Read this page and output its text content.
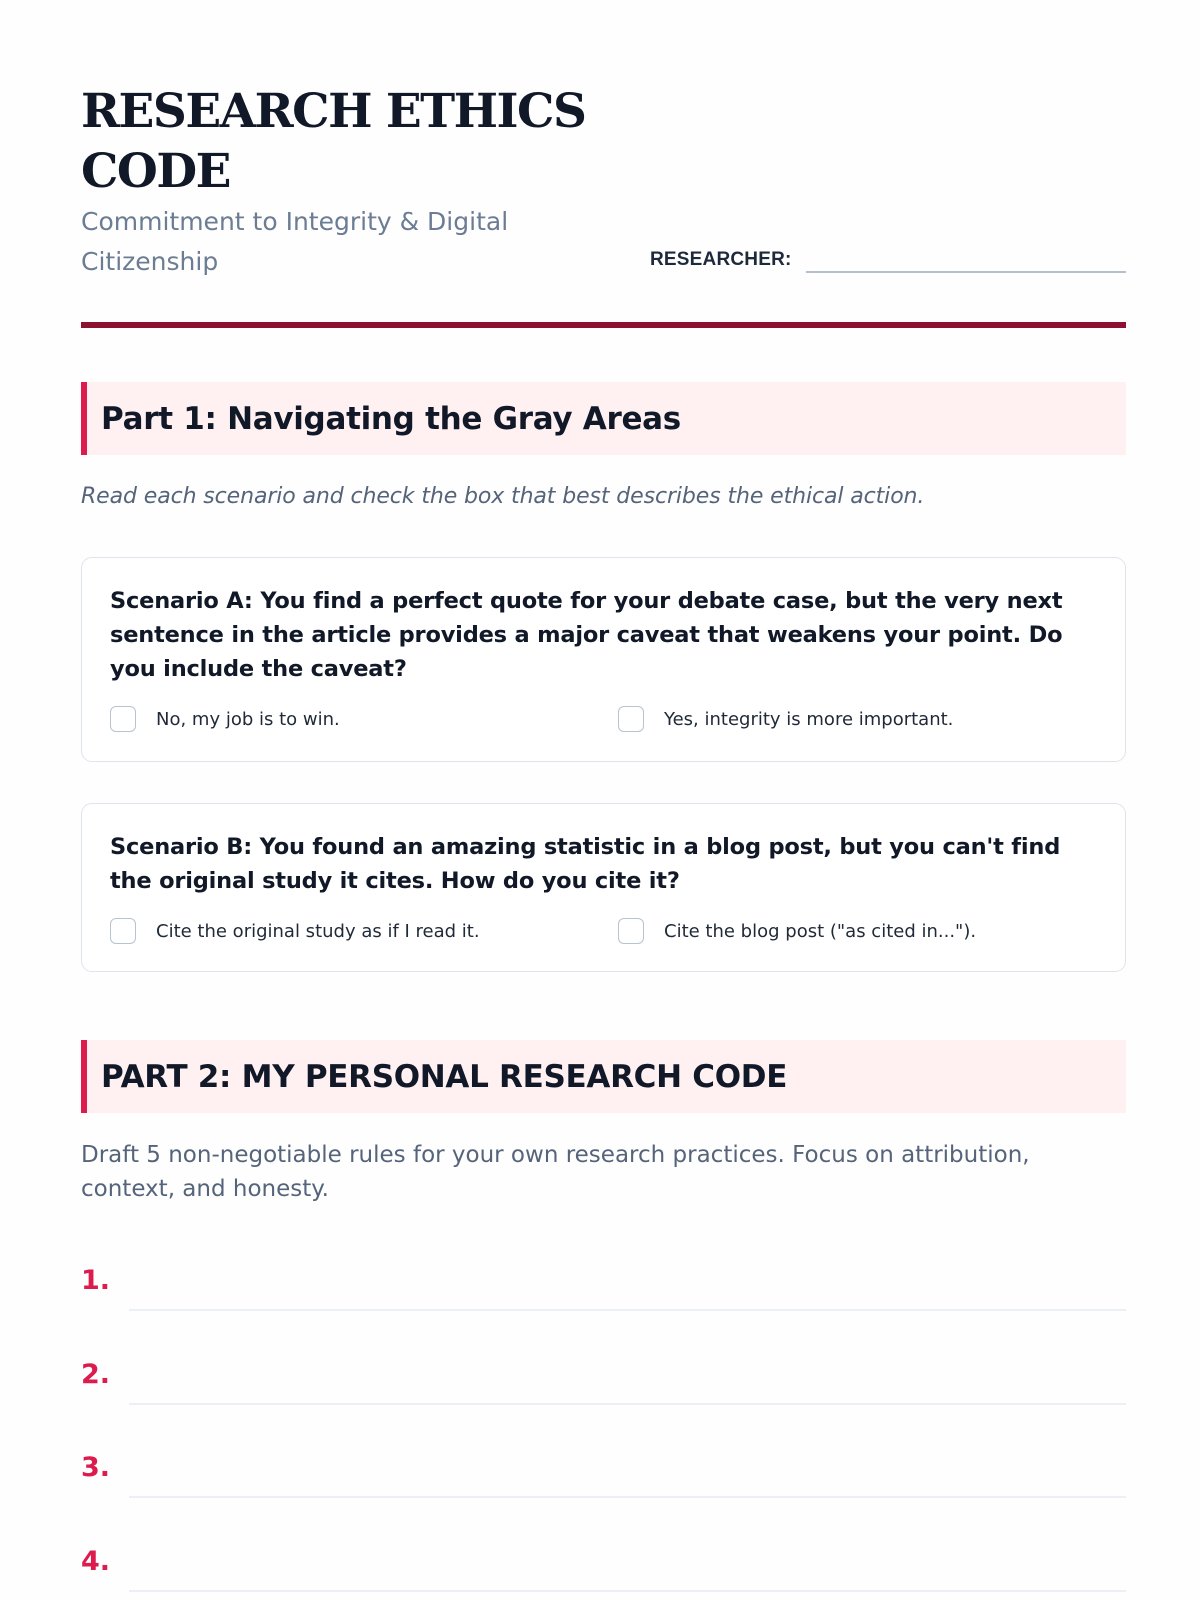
RESEARCH ETHICS CODE
Commitment to Integrity & Digital Citizenship	RESEARCHER:
Part 1: Navigating the Gray Areas

Read each scenario and check the box that best describes the ethical action.

Scenario A: You find a perfect quote for your debate case, but the very next sentence in the article provides a major caveat that weakens your point. Do you include the caveat?

No, my job is to win.	Yes, integrity is more important.

Scenario B: You found an amazing statistic in a blog post, but you can't find the original study it cites. How do you cite it?

Cite the original study as if I read it.	Cite the blog post ("as cited in...").
PART 2: MY PERSONAL RESEARCH CODE

Draft 5 non-negotiable rules for your own research practices. Focus on attribution, context, and honesty.

1.
2.
3.
4.
